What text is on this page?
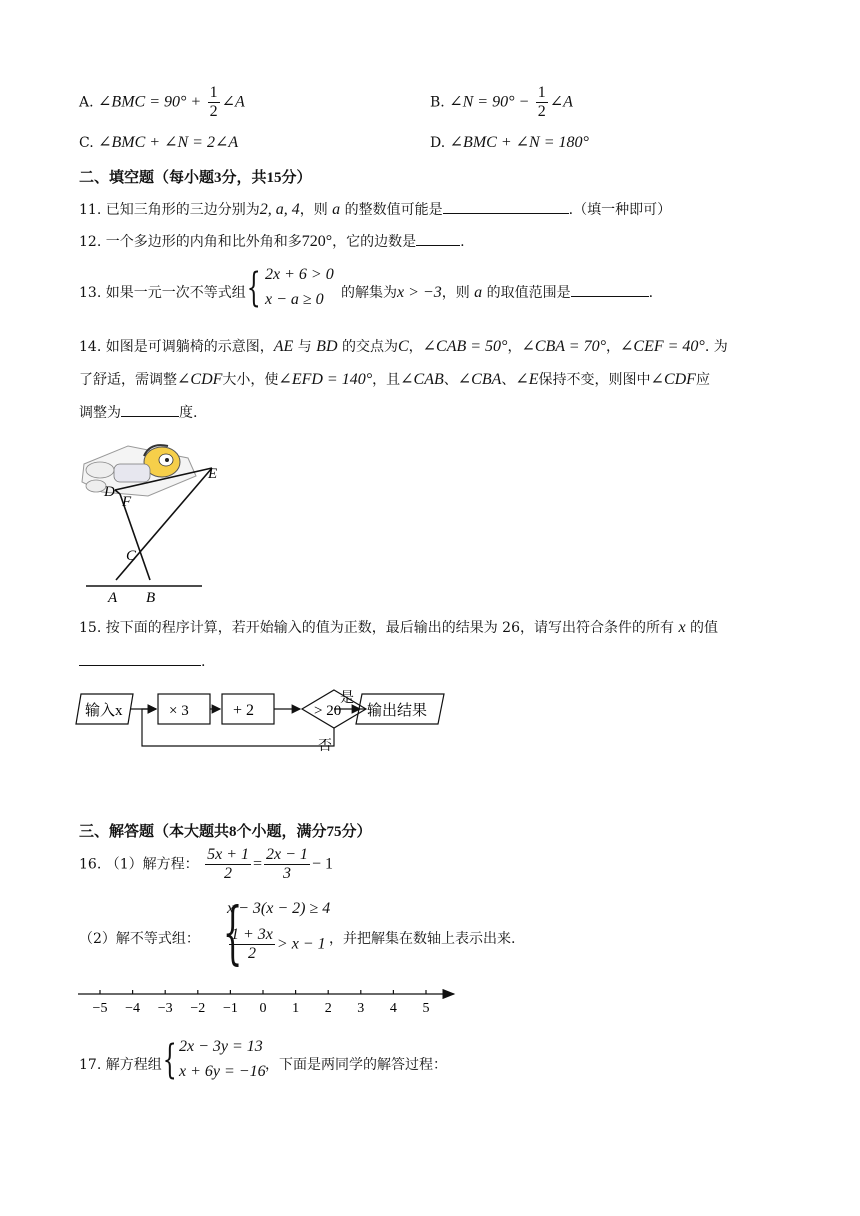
A. ∠BMC = $90^\circ + \frac{1}{2}$ ∠A	B. ∠N = $90^\circ - \frac{1}{2}$ ∠A
C. ∠BMC + ∠N = 2∠A	D. ∠BMC + ∠N = 180°
二、填空题（每小题3分，共15分）
11. 已知三角形的三边分别为2, a, 4，则 a 的整数值可能是	.（填一种即可）
12. 一个多边形的内角和比外角和多720°，它的边数是	.
13. 如果一元一次不等式组 { 2x + 6 > 0
x − a ≥ 0 的解集为x > −3，则 a 的取值范围是	.
14. 如图是可调躺椅的示意图，AE 与 BD 的交点为C，∠CAB = 50°，∠CBA = 70°，∠CEF = 40°. 为
了舒适，需调整∠CDF大小，使∠EFD = 140°，且∠CAB、∠CBA、∠E保持不变，则图中∠CDF应
调整为	度.
E
D
F
C
A B
15. 按下面的程序计算，若开始输入的值为正数，最后输出的结果为 26，请写出符合条件的所有 x 的值
.
输入x	× 3	+ 2	> 20
是
输出结果
否
三、解答题（本大题共8个小题，满分75分）
16. （1）解方程： $\frac{5x + 1}{2} = \frac{2x - 1}{3} - 1$
（2）解不等式组： {
x − 3(x − 2) ≥ 4
$\frac{1 + 3x}{2} > x - 1$ ，并把解集在数轴上表示出来.
−5 −4 −3 −2 −1 0 1 2 3 4 5
17. 解方程组 { 2x − 3y = 13
x + 6y = −16 ，下面是两同学的解答过程：
